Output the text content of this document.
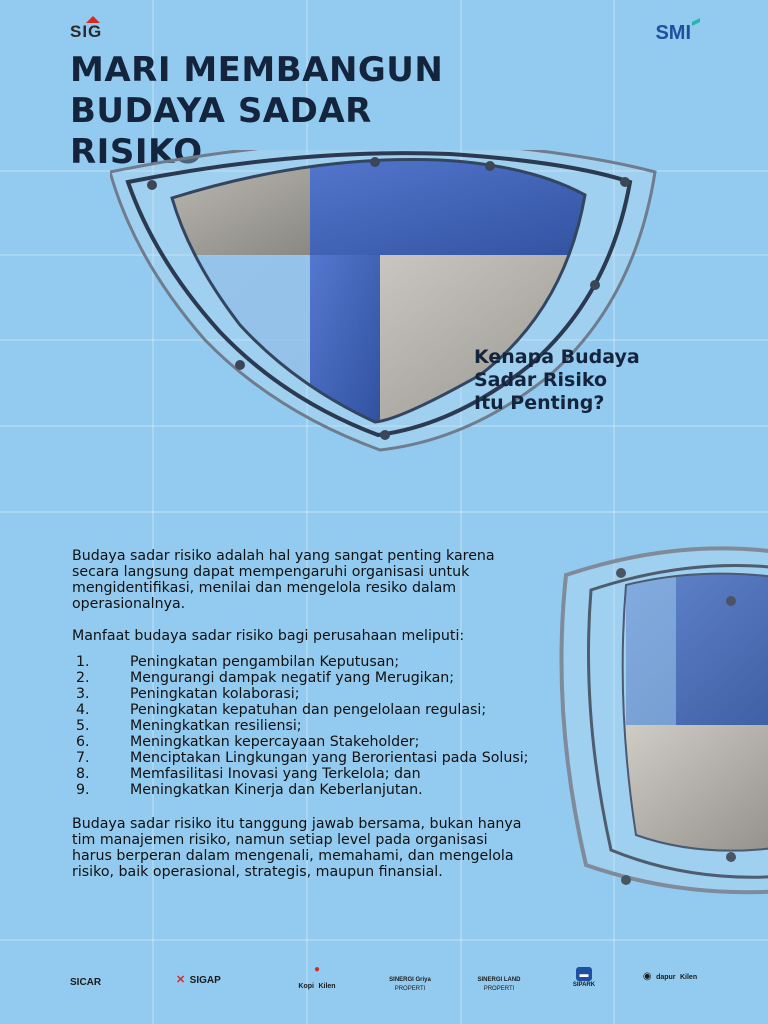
SIG	SMI
MARI MEMBANGUN
BUDAYA SADAR
RISIKO
Kenapa Budaya
Sadar Risiko
Itu Penting?

Budaya sadar risiko adalah hal yang sangat penting karena
secara langsung dapat mempengaruhi organisasi untuk
mengidentifikasi, menilai dan mengelola resiko dalam
operasionalnya.

Manfaat budaya sadar risiko bagi perusahaan meliputi:

1.	Peningkatan pengambilan Keputusan;
2.	Mengurangi dampak negatif yang Merugikan;
3.	Peningkatan kolaborasi;
4.	Peningkatan kepatuhan dan pengelolaan regulasi;
5.	Meningkatkan resiliensi;
6.	Meningkatkan kepercayaan Stakeholder;
7.	Menciptakan Lingkungan yang Berorientasi pada Solusi;
8.	Memfasilitasi Inovasi yang Terkelola; dan
9.	Meningkatkan Kinerja dan Keberlanjutan.

Budaya sadar risiko itu tanggung jawab bersama, bukan hanya
tim manajemen risiko, namun setiap level pada organisasi
harus berperan dalam mengenali, memahami, dan mengelola
risiko, baik operasional, strategis, maupun finansial.

SICAR	✕ SIGAP
●
Kopi Kilen
SINERGI Griya
PROPERTI
SINERGI LAND
PROPERTI
▬
SIPARK
◉ dapur Kilen
